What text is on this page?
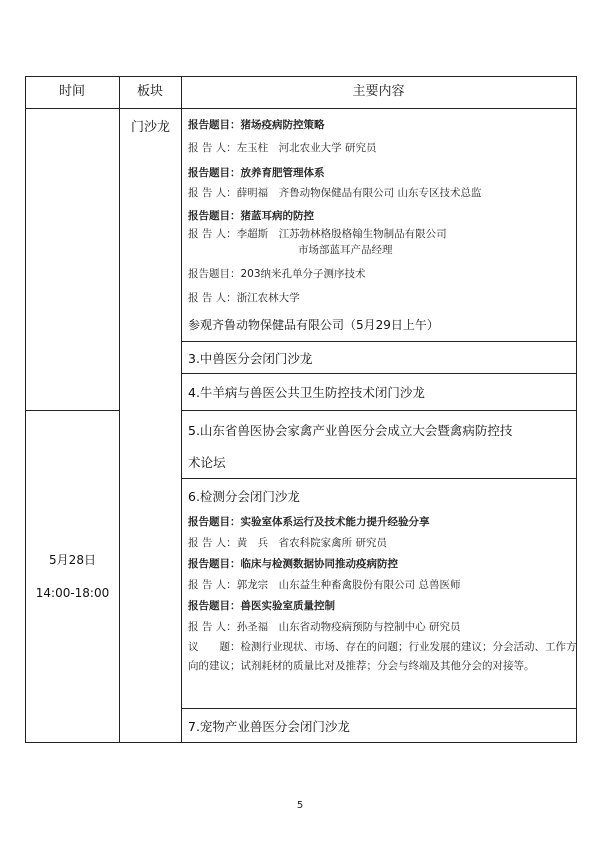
时间	板块	主要内容
门沙龙
5月28日
14:00-18:00
报告题目：猪场疫病防控策略
报 告 人：左玉柱　河北农业大学 研究员
报告题目：放养育肥管理体系
报 告 人：薛明福　齐鲁动物保健品有限公司 山东专区技术总监
报告题目：猪蓝耳病的防控
报 告 人：李超斯　江苏勃林格殷格翰生物制品有限公司
市场部蓝耳产品经理
报告题目：203纳米孔单分子测序技术
报 告 人：浙江农林大学
参观齐鲁动物保健品有限公司（5月29日上午）
3.中兽医分会闭门沙龙
4.牛羊病与兽医公共卫生防控技术闭门沙龙
5.山东省兽医协会家禽产业兽医分会成立大会暨禽病防控技
术论坛
6.检测分会闭门沙龙
报告题目：实验室体系运行及技术能力提升经验分享
报 告 人：黄　兵　省农科院家禽所 研究员
报告题目：临床与检测数据协同推动疫病防控
报 告 人：郭龙宗　山东益生种畜禽股份有限公司 总兽医师
报告题目：兽医实验室质量控制
报 告 人：孙圣福　山东省动物疫病预防与控制中心 研究员
议　　题：检测行业现状、市场、存在的问题；行业发展的建议；分会活动、工作方向的建议；试剂耗材的质量比对及推荐；分会与终端及其他分会的对接等。
7.宠物产业兽医分会闭门沙龙
5
